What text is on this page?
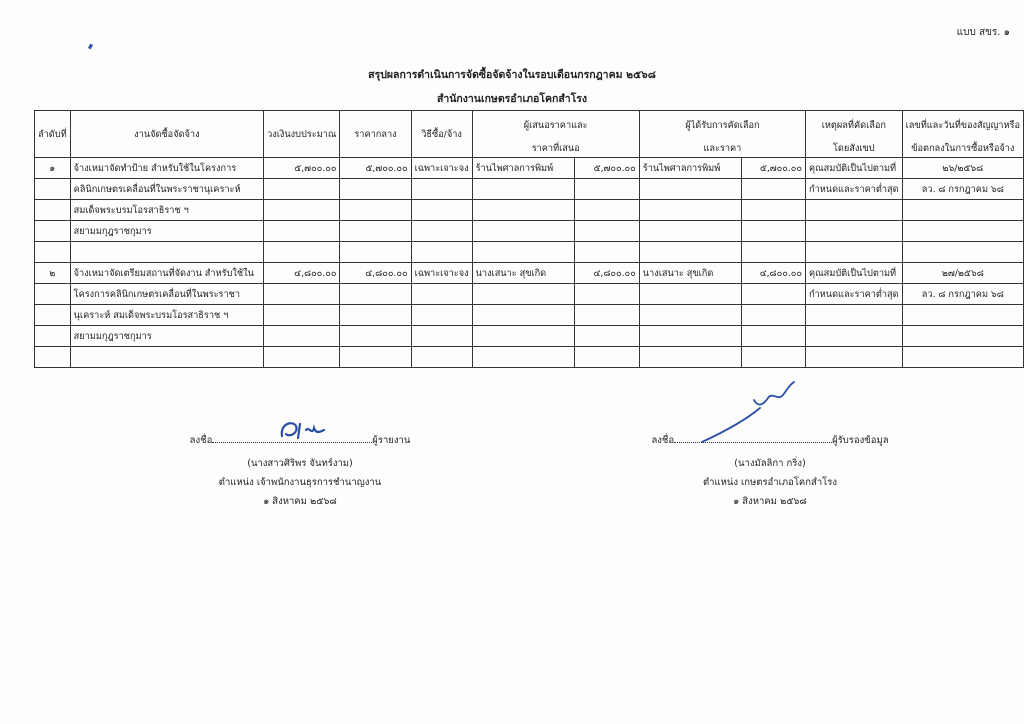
แบบ สขร. ๑
สรุปผลการดำเนินการจัดซื้อจัดจ้างในรอบเดือนกรกฎาคม ๒๕๖๘
สำนักงานเกษตรอำเภอโคกสำโรง
ลำดับที่	งานจัดซื้อจัดจ้าง	วงเงินงบประมาณ	ราคากลาง	วิธีซื้อ/จ้าง	ผู้เสนอราคาและ		ผู้ได้รับการคัดเลือก		เหตุผลที่คัดเลือก	เลขที่และวันที่ของสัญญาหรือ
					ราคาที่เสนอ		และราคา		โดยสังเขป	ข้อตกลงในการซื้อหรือจ้าง
๑	จ้างเหมาจัดทำป้าย สำหรับใช้ในโครงการ	๕,๗๐๐.๐๐	๕,๗๐๐.๐๐	เฉพาะเจาะจง	ร้านไพศาลการพิมพ์	๕,๗๐๐.๐๐	ร้านไพศาลการพิมพ์	๕,๗๐๐.๐๐	คุณสมบัติเป็นไปตามที่	๒๖/๒๕๖๘
	คลินิกเกษตรเคลื่อนที่ในพระราชานุเคราะห์								กำหนดและราคาต่ำสุด	ลว. ๘ กรกฎาคม ๖๘
	สมเด็จพระบรมโอรสาธิราช ฯ									
	สยามมกุฎราชกุมาร									

๒	จ้างเหมาจัดเตรียมสถานที่จัดงาน สำหรับใช้ใน	๔,๘๐๐.๐๐	๔,๘๐๐.๐๐	เฉพาะเจาะจง	นางเสนาะ สุขเกิด	๔,๘๐๐.๐๐	นางเสนาะ สุขเกิด	๔,๘๐๐.๐๐	คุณสมบัติเป็นไปตามที่	๒๗/๒๕๖๘
	โครงการคลินิกเกษตรเคลื่อนที่ในพระราชา								กำหนดและราคาต่ำสุด	ลว. ๘ กรกฎาคม ๖๘
	นุเคราะห์ สมเด็จพระบรมโอรสาธิราช ฯ									
	สยามมกุฎราชกุมาร									

ลงชื่อ	ผู้รายงาน
(นางสาวศิริพร จันทร์งาม)
ตำแหน่ง เจ้าพนักงานธุรการชำนาญงาน
๑ สิงหาคม ๒๕๖๘
ลงชื่อ	ผู้รับรองข้อมูล
(นางมัลลิกา กริ่ง)
ตำแหน่ง เกษตรอำเภอโคกสำโรง
๑ สิงหาคม ๒๕๖๘
